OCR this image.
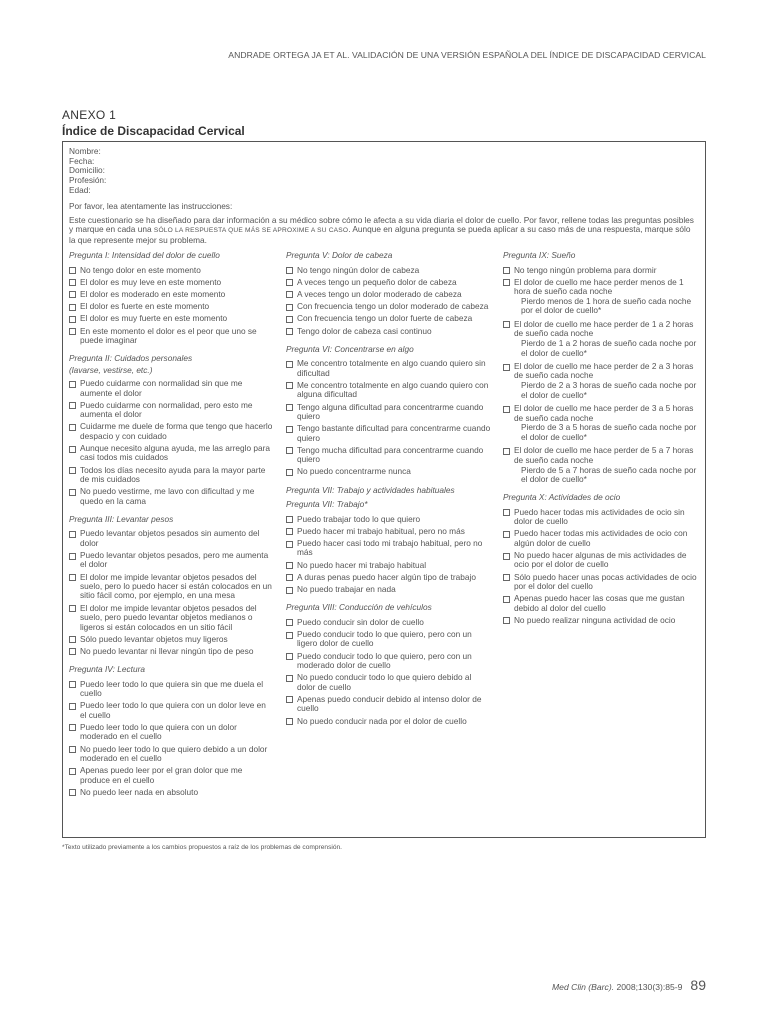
ANDRADE ORTEGA JA ET AL. VALIDACIÓN DE UNA VERSIÓN ESPAÑOLA DEL ÍNDICE DE DISCAPACIDAD CERVICAL
ANEXO 1
Índice de Discapacidad Cervical
Nombre:
Fecha:
Domicilio:
Profesión:
Edad:

Por favor, lea atentamente las instrucciones:

Este cuestionario se ha diseñado para dar información a su médico sobre cómo le afecta a su vida diaria el dolor de cuello. Por favor, rellene todas las preguntas posibles y marque en cada una SÓLO LA RESPUESTA QUE MÁS SE APROXIME A SU CASO. Aunque en alguna pregunta se pueda aplicar a su caso más de una respuesta, marque sólo la que represente mejor su problema.

Pregunta I: Intensidad del dolor de cuello
No tengo dolor en este momento
El dolor es muy leve en este momento
El dolor es moderado en este momento
El dolor es fuerte en este momento
El dolor es muy fuerte en este momento
En este momento el dolor es el peor que uno se puede imaginar
Pregunta II: Cuidados personales
(lavarse, vestirse, etc.)
Puedo cuidarme con normalidad sin que me aumente el dolor
Puedo cuidarme con normalidad, pero esto me aumenta el dolor
Cuidarme me duele de forma que tengo que hacerlo despacio y con cuidado
Aunque necesito alguna ayuda, me las arreglo para casi todos mis cuidados
Todos los días necesito ayuda para la mayor parte de mis cuidados
No puedo vestirme, me lavo con dificultad y me quedo en la cama
Pregunta III: Levantar pesos
Puedo levantar objetos pesados sin aumento del dolor
Puedo levantar objetos pesados, pero me aumenta el dolor
El dolor me impide levantar objetos pesados del suelo, pero lo puedo hacer si están colocados en un sitio fácil como, por ejemplo, en una mesa
El dolor me impide levantar objetos pesados del suelo, pero puedo levantar objetos medianos o ligeros si están colocados en un sitio fácil
Sólo puedo levantar objetos muy ligeros
No puedo levantar ni llevar ningún tipo de peso
Pregunta IV: Lectura
Puedo leer todo lo que quiera sin que me duela el cuello
Puedo leer todo lo que quiera con un dolor leve en el cuello
Puedo leer todo lo que quiera con un dolor moderado en el cuello
No puedo leer todo lo que quiero debido a un dolor moderado en el cuello
Apenas puedo leer por el gran dolor que me produce en el cuello
No puedo leer nada en absoluto
Pregunta V: Dolor de cabeza
No tengo ningún dolor de cabeza
A veces tengo un pequeño dolor de cabeza
A veces tengo un dolor moderado de cabeza
Con frecuencia tengo un dolor moderado de cabeza
Con frecuencia tengo un dolor fuerte de cabeza
Tengo dolor de cabeza casi continuo
Pregunta VI: Concentrarse en algo
Me concentro totalmente en algo cuando quiero sin dificultad
Me concentro totalmente en algo cuando quiero con alguna dificultad
Tengo alguna dificultad para concentrarme cuando quiero
Tengo bastante dificultad para concentrarme cuando quiero
Tengo mucha dificultad para concentrarme cuando quiero
No puedo concentrarme nunca
Pregunta VII: Trabajo y actividades habituales
Pregunta VII: Trabajo*
Puedo trabajar todo lo que quiero
Puedo hacer mi trabajo habitual, pero no más
Puedo hacer casi todo mi trabajo habitual, pero no más
No puedo hacer mi trabajo habitual
A duras penas puedo hacer algún tipo de trabajo
No puedo trabajar en nada
Pregunta VIII: Conducción de vehículos
Puedo conducir sin dolor de cuello
Puedo conducir todo lo que quiero, pero con un ligero dolor de cuello
Puedo conducir todo lo que quiero, pero con un moderado dolor de cuello
No puedo conducir todo lo que quiero debido al dolor de cuello
Apenas puedo conducir debido al intenso dolor de cuello
No puedo conducir nada por el dolor de cuello
Pregunta IX: Sueño
No tengo ningún problema para dormir
El dolor de cuello me hace perder menos de 1 hora de sueño cada noche
Pierdo menos de 1 hora de sueño cada noche por el dolor de cuello*
El dolor de cuello me hace perder de 1 a 2 horas de sueño cada noche
Pierdo de 1 a 2 horas de sueño cada noche por el dolor de cuello*
El dolor de cuello me hace perder de 2 a 3 horas de sueño cada noche
Pierdo de 2 a 3 horas de sueño cada noche por el dolor de cuello*
El dolor de cuello me hace perder de 3 a 5 horas de sueño cada noche
Pierdo de 3 a 5 horas de sueño cada noche por el dolor de cuello*
El dolor de cuello me hace perder de 5 a 7 horas de sueño cada noche
Pierdo de 5 a 7 horas de sueño cada noche por el dolor de cuello*
Pregunta X: Actividades de ocio
Puedo hacer todas mis actividades de ocio sin dolor de cuello
Puedo hacer todas mis actividades de ocio con algún dolor de cuello
No puedo hacer algunas de mis actividades de ocio por el dolor de cuello
Sólo puedo hacer unas pocas actividades de ocio por el dolor del cuello
Apenas puedo hacer las cosas que me gustan debido al dolor del cuello
No puedo realizar ninguna actividad de ocio
*Texto utilizado previamente a los cambios propuestos a raíz de los problemas de comprensión.
Med Clin (Barc). 2008;130(3):85-9 89
